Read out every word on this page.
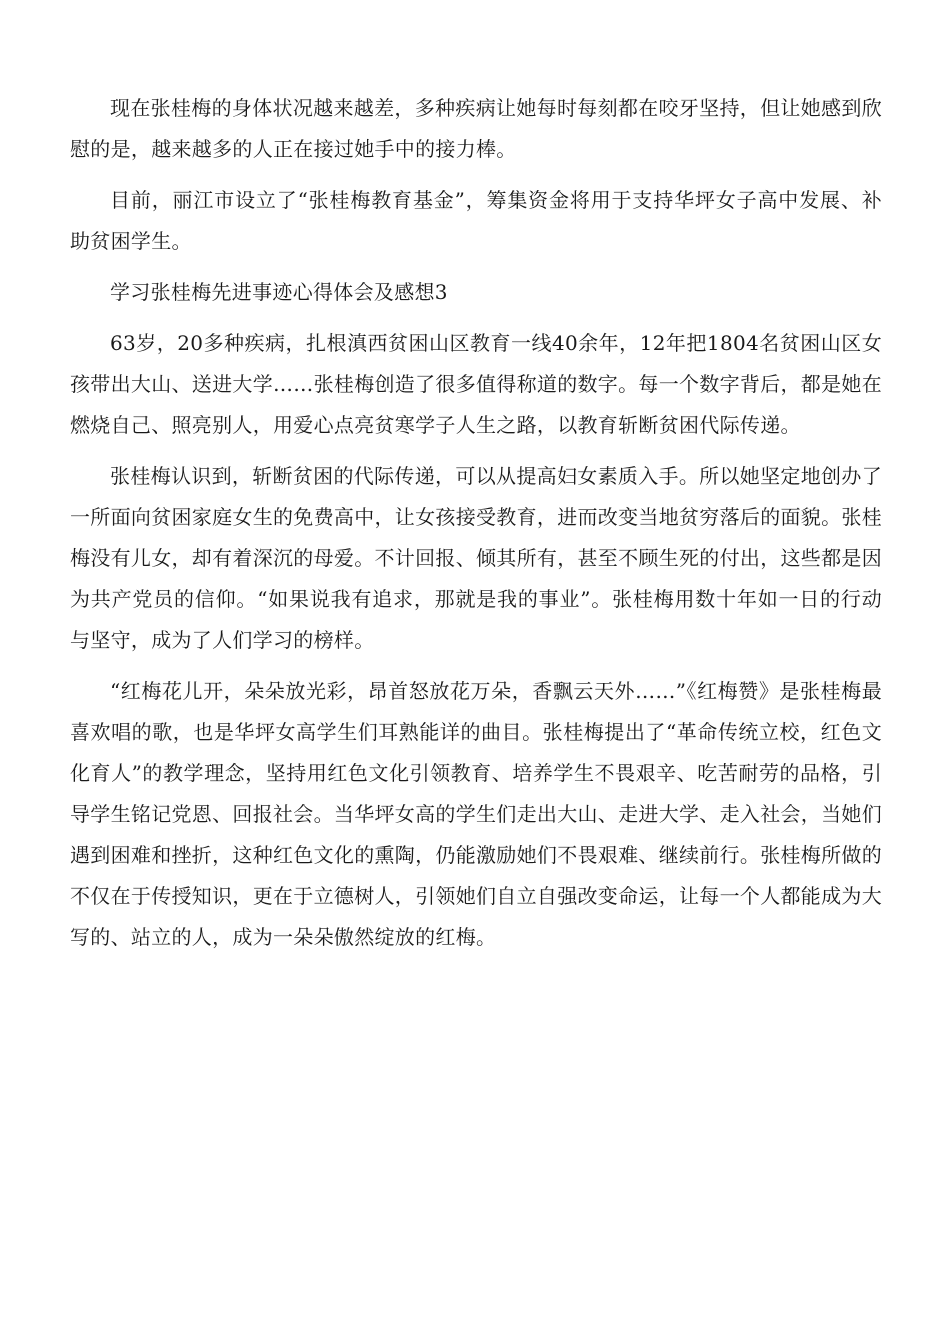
现在张桂梅的身体状况越来越差，多种疾病让她每时每刻都在咬牙坚持，但让她感到欣慰的是，越来越多的人正在接过她手中的接力棒。

目前，丽江市设立了“张桂梅教育基金”，筹集资金将用于支持华坪女子高中发展、补助贫困学生。

学习张桂梅先进事迹心得体会及感想3

63岁，20多种疾病，扎根滇西贫困山区教育一线40余年，12年把1804名贫困山区女孩带出大山、送进大学……张桂梅创造了很多值得称道的数字。每一个数字背后，都是她在燃烧自己、照亮别人，用爱心点亮贫寒学子人生之路，以教育斩断贫困代际传递。

张桂梅认识到，斩断贫困的代际传递，可以从提高妇女素质入手。所以她坚定地创办了一所面向贫困家庭女生的免费高中，让女孩接受教育，进而改变当地贫穷落后的面貌。张桂梅没有儿女，却有着深沉的母爱。不计回报、倾其所有，甚至不顾生死的付出，这些都是因为共产党员的信仰。“如果说我有追求，那就是我的事业”。张桂梅用数十年如一日的行动与坚守，成为了人们学习的榜样。

“红梅花儿开，朵朵放光彩，昂首怒放花万朵，香飘云天外……”《红梅赞》是张桂梅最喜欢唱的歌，也是华坪女高学生们耳熟能详的曲目。张桂梅提出了“革命传统立校，红色文化育人”的教学理念，坚持用红色文化引领教育、培养学生不畏艰辛、吃苦耐劳的品格，引导学生铭记党恩、回报社会。当华坪女高的学生们走出大山、走进大学、走入社会，当她们遇到困难和挫折，这种红色文化的熏陶，仍能激励她们不畏艰难、继续前行。张桂梅所做的不仅在于传授知识，更在于立德树人，引领她们自立自强改变命运，让每一个人都能成为大写的、站立的人，成为一朵朵傲然绽放的红梅。
